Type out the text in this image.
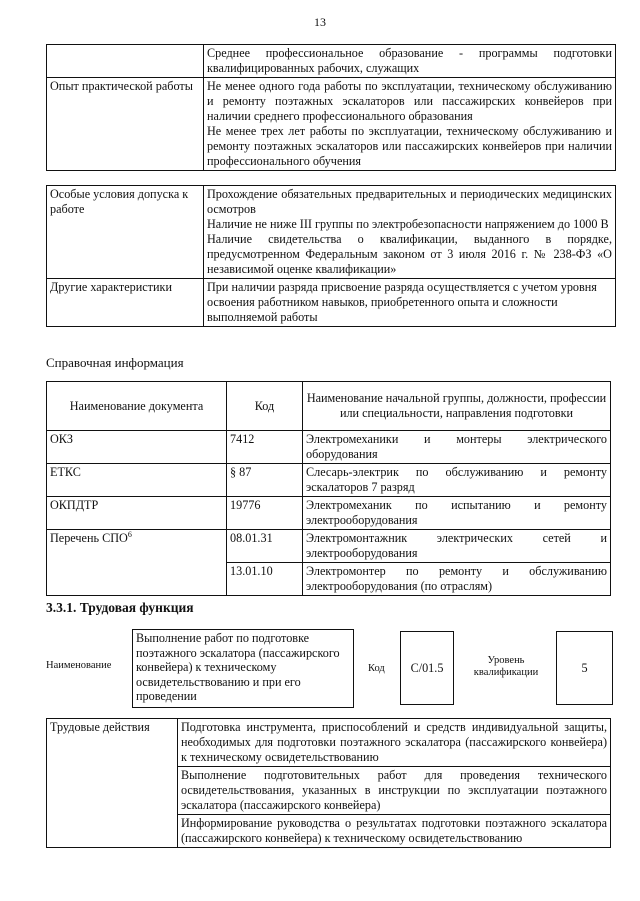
13
	Среднее профессиональное образование - программы подготовки квалифицированных рабочих, служащих
Опыт практической работы	Не менее одного года работы по эксплуатации, техническому обслуживанию и ремонту поэтажных эскалаторов или пассажирских конвейеров при наличии среднего профессионального образования
Не менее трех лет работы по эксплуатации, техническому обслуживанию и ремонту поэтажных эскалаторов или пассажирских конвейеров при наличии профессионального обучения
Особые условия допуска к работе	Прохождение обязательных предварительных и периодических медицинских осмотров
Наличие не ниже III группы по электробезопасности напряжением до 1000 В
Наличие свидетельства о квалификации, выданного в порядке, предусмотренном Федеральным законом от 3 июля 2016 г. № 238-ФЗ «О независимой оценке квалификации»

Другие характеристики	При наличии разряда присвоение разряда осуществляется с учетом уровня освоения работником навыков, приобретенного опыта и сложности выполняемой работы
Справочная информация
Наименование документа	Код	Наименование начальной группы, должности, профессии или специальности, направления подготовки
ОКЗ	7412	Электромеханики и монтеры электрического оборудования
ЕТКС	§ 87	Слесарь-электрик по обслуживанию и ремонту эскалаторов 7 разряд
ОКПДТР	19776	Электромеханик по испытанию и ремонту электрооборудования
Перечень СПО$^6$	08.01.31	Электромонтажник электрических сетей и электрооборудования
	13.01.10	Электромонтер по ремонту и обслуживанию электрооборудования (по отраслям)
3.3.1. Трудовая функция
Наименование
Выполнение работ по подготовке поэтажного эскалатора (пассажирского конвейера) к техническому освидетельствованию и при его проведении
Код	С/01.5
Уровень квалификации	5
Трудовые действия	Подготовка инструмента, приспособлений и средств индивидуальной защиты, необходимых для подготовки поэтажного эскалатора (пассажирского конвейера) к техническому освидетельствованию
Выполнение подготовительных работ для проведения технического освидетельствования, указанных в инструкции по эксплуатации поэтажного эскалатора (пассажирского конвейера)
Информирование руководства о результатах подготовки поэтажного эскалатора (пассажирского конвейера) к техническому освидетельствованию
